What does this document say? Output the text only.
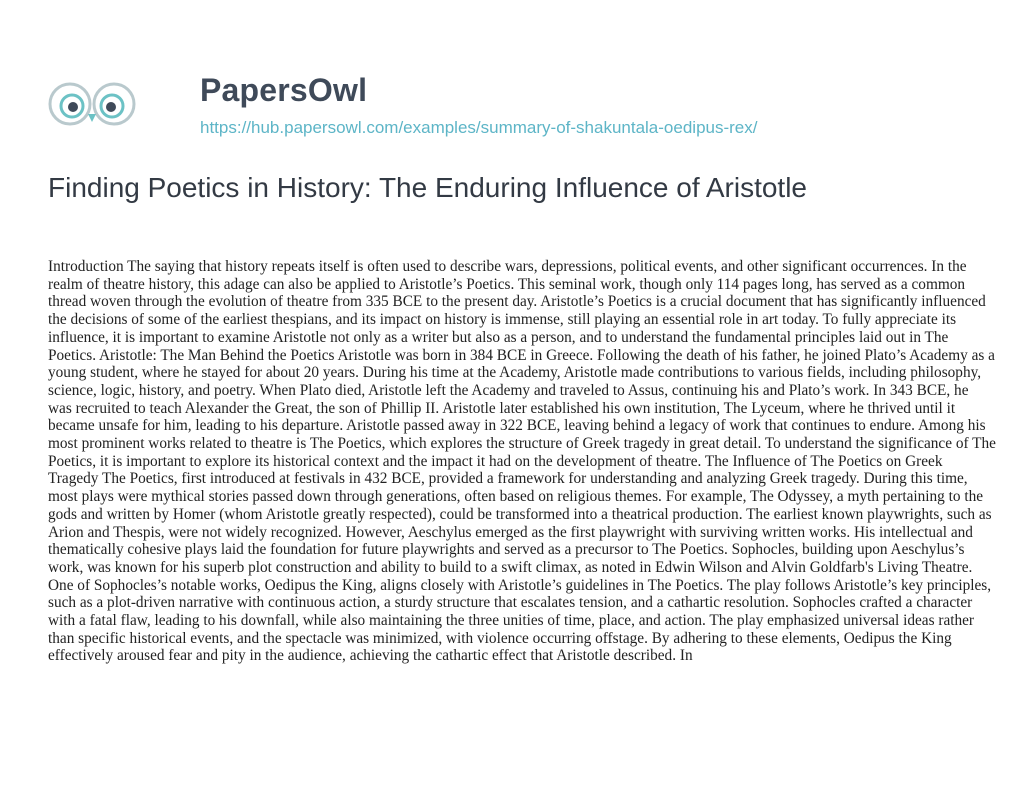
PapersOwl
https://hub.papersowl.com/examples/summary-of-shakuntala-oedipus-rex/
Finding Poetics in History: The Enduring Influence of Aristotle

Introduction The saying that history repeats itself is often used to describe wars, depressions, political events, and other significant occurrences. In the realm of theatre history, this adage can also be applied to Aristotle’s Poetics. This seminal work, though only 114 pages long, has served as a common thread woven through the evolution of theatre from 335 BCE to the present day. Aristotle’s Poetics is a crucial document that has significantly influenced the decisions of some of the earliest thespians, and its impact on history is immense, still playing an essential role in art today. To fully appreciate its influence, it is important to examine Aristotle not only as a writer but also as a person, and to understand the fundamental principles laid out in The Poetics. Aristotle: The Man Behind the Poetics Aristotle was born in 384 BCE in Greece. Following the death of his father, he joined Plato’s Academy as a young student, where he stayed for about 20 years. During his time at the Academy, Aristotle made contributions to various fields, including philosophy, science, logic, history, and poetry. When Plato died, Aristotle left the Academy and traveled to Assus, continuing his and Plato’s work. In 343 BCE, he was recruited to teach Alexander the Great, the son of Phillip II. Aristotle later established his own institution, The Lyceum, where he thrived until it became unsafe for him, leading to his departure. Aristotle passed away in 322 BCE, leaving behind a legacy of work that continues to endure. Among his most prominent works related to theatre is The Poetics, which explores the structure of Greek tragedy in great detail. To understand the significance of The Poetics, it is important to explore its historical context and the impact it had on the development of theatre. The Influence of The Poetics on Greek Tragedy The Poetics, first introduced at festivals in 432 BCE, provided a framework for understanding and analyzing Greek tragedy. During this time, most plays were mythical stories passed down through generations, often based on religious themes. For example, The Odyssey, a myth pertaining to the gods and written by Homer (whom Aristotle greatly respected), could be transformed into a theatrical production. The earliest known playwrights, such as Arion and Thespis, were not widely recognized. However, Aeschylus emerged as the first playwright with surviving written works. His intellectual and thematically cohesive plays laid the foundation for future playwrights and served as a precursor to The Poetics. Sophocles, building upon Aeschylus’s work, was known for his superb plot construction and ability to build to a swift climax, as noted in Edwin Wilson and Alvin Goldfarb's Living Theatre. One of Sophocles’s notable works, Oedipus the King, aligns closely with Aristotle’s guidelines in The Poetics. The play follows Aristotle’s key principles, such as a plot-driven narrative with continuous action, a sturdy structure that escalates tension, and a cathartic resolution. Sophocles crafted a character with a fatal flaw, leading to his downfall, while also maintaining the three unities of time, place, and action. The play emphasized universal ideas rather than specific historical events, and the spectacle was minimized, with violence occurring offstage. By adhering to these elements, Oedipus the King effectively aroused fear and pity in the audience, achieving the cathartic effect that Aristotle described. In
